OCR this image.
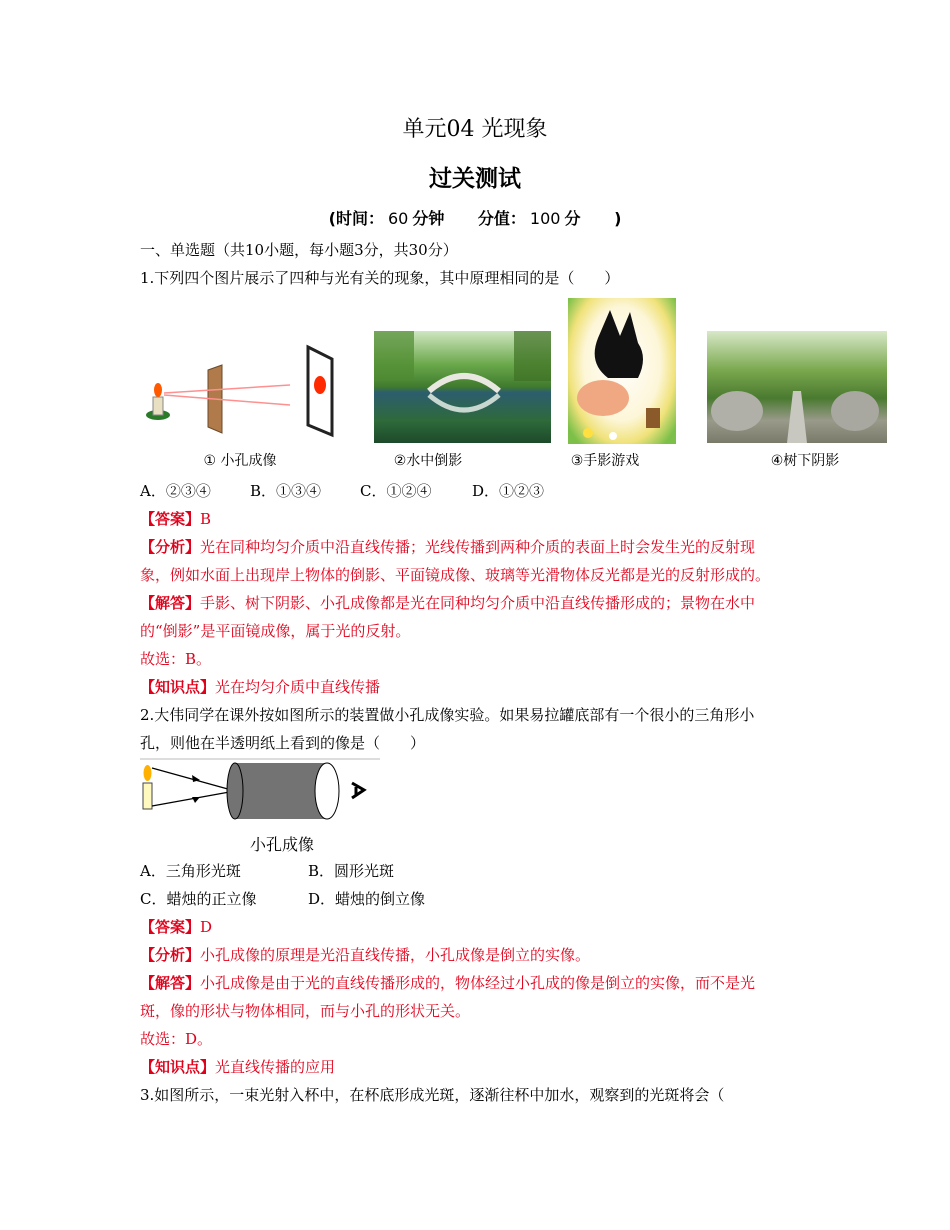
单元04 光现象
过关测试
(时间： 60 分钟 分值： 100 分 )
一、单选题（共10小题，每小题3分，共30分）
1.下列四个图片展示了四种与光有关的现象，其中原理相同的是（　　）
① 小孔成像	②水中倒影	③手影游戏	④树下阴影
A．②③④	B．①③④	C．①②④	D．①②③
【答案】B
【分析】光在同种均匀介质中沿直线传播；光线传播到两种介质的表面上时会发生光的反射现
象，例如水面上出现岸上物体的倒影、平面镜成像、玻璃等光滑物体反光都是光的反射形成的。
【解答】手影、树下阴影、小孔成像都是光在同种均匀介质中沿直线传播形成的；景物在水中
的“倒影”是平面镜成像，属于光的反射。
故选：B。
【知识点】光在均匀介质中直线传播
2.大伟同学在课外按如图所示的装置做小孔成像实验。如果易拉罐底部有一个很小的三角形小
孔，则他在半透明纸上看到的像是（　　）
小孔成像
A．三角形光斑	B．圆形光斑
C．蜡烛的正立像	D．蜡烛的倒立像
【答案】D
【分析】小孔成像的原理是光沿直线传播，小孔成像是倒立的实像。
【解答】小孔成像是由于光的直线传播形成的，物体经过小孔成的像是倒立的实像，而不是光
斑，像的形状与物体相同，而与小孔的形状无关。
故选：D。
【知识点】光直线传播的应用
3.如图所示，一束光射入杯中，在杯底形成光斑，逐渐往杯中加水，观察到的光斑将会（
